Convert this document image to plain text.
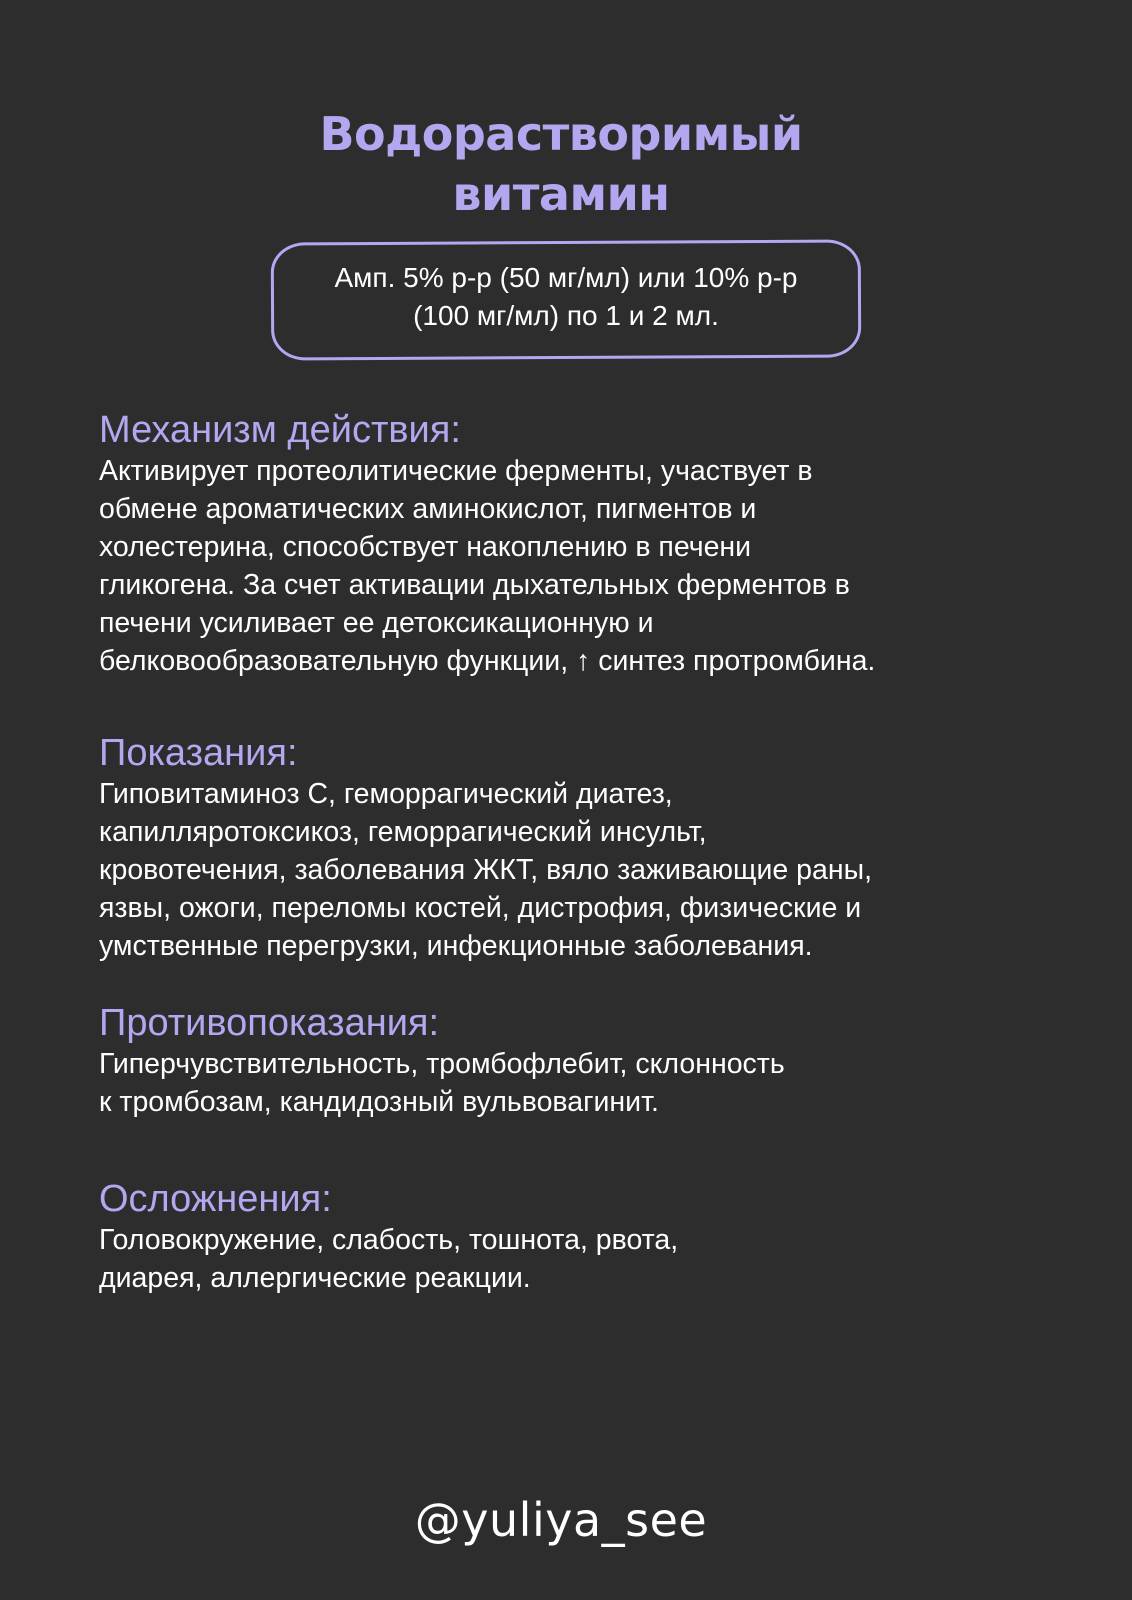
Водорастворимый
витамин
Амп. 5% р-р (50 мг/мл) или 10% р-р
(100 мг/мл) по 1 и 2 мл.
Механизм действия:

Активирует протеолитические ферменты, участвует в
обмене ароматических аминокислот, пигментов и
холестерина, способствует накоплению в печени
гликогена. За счет активации дыхательных ферментов в
печени усиливает ее детоксикационную и
белковообразовательную функции, ↑ синтез протромбина.

Показания:

Гиповитаминоз С, геморрагический диатез,
капилляротоксикоз, геморрагический инсульт,
кровотечения, заболевания ЖКТ, вяло заживающие раны,
язвы, ожоги, переломы костей, дистрофия, физические и
умственные перегрузки, инфекционные заболевания.

Противопоказания:

Гиперчувствительность, тромбофлебит, склонность
к тромбозам, кандидозный вульвовагинит.

Осложнения:

Головокружение, слабость, тошнота, рвота,
диарея, аллергические реакции.

@yuliya_see
